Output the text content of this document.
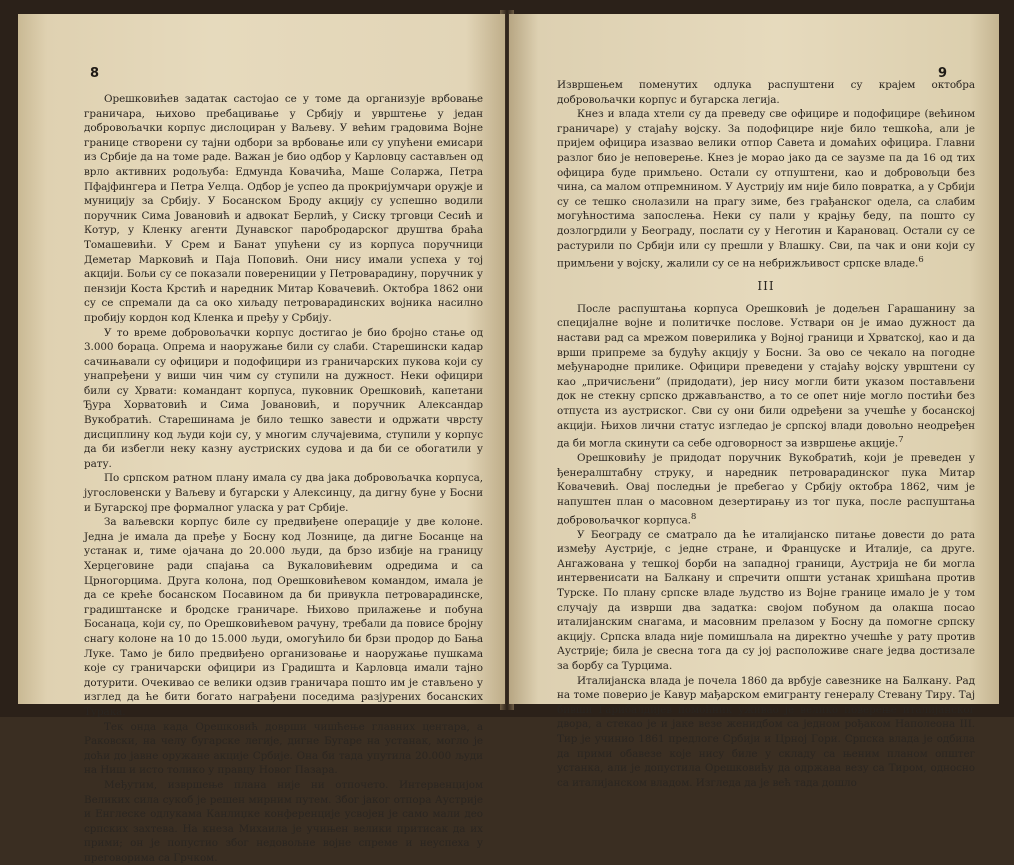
8

Орешковићев задатак састојао се у томе да организује врбовање граничара, њихово пребацивање у Србију и уврштење у један добровољачки корпус дислоциран у Ваљеву. У већим градовима Војне границе створени су тајни одбори за врбовање или су упућени емисари из Србије да на томе раде. Важан је био одбор у Карловцу састављен од врло активних родољуба: Едмунда Ковачића, Маше Соларжа, Петра Пфајфингера и Петра Уелца. Одбор је успео да прокријумчари оружје и муницију за Србију. У Босанском Броду акцију су успешно водили поручник Сима Јовановић и адвокат Берлић, у Сиску трговци Сесић и Котур, у Кленку агенти Дунавског паробродарског друштва браћа Томашевићи. У Срем и Банат упућени су из корпуса поручници Деметар Марковић и Паја Поповић. Они нису имали успеха у тој акцији. Бољи су се показали поверениции у Петроварадину, поручник у пензији Коста Крстић и наредник Митар Ковачевић. Октобра 1862 они су се спремали да са око хиљаду петроварадинских војника насилно пробију кордон код Кленка и пређу у Србију.

У то време добровољачки корпус достигао је био бројно стање од 3.000 бораца. Опрема и наоружање били су слаби. Старешински кадар сачињавали су официри и подофицири из граничарских пукова који су унапређени у виши чин чим су ступили на дужност. Неки официри били су Хрвати: командант корпуса, пуковник Орешковић, капетани Ђура Хорватовић и Сима Јовановић, и поручник Александар Вукобратић. Старешинама је било тешко завести и одржати чврсту дисциплину код људи који су, у многим случајевима, ступили у корпус да би избегли неку казну аустриских судова и да би се обогатили у рату.

По српском ратном плану имала су два јака добровољачка корпуса, југословенски у Ваљеву и бугарски у Алексинцу, да дигну буне у Босни и Бугарској пре формалног уласка у рат Србије.

За ваљевски корпус биле су предвиђене операције у две колоне. Једна је имала да пређе у Босну код Лознице, да дигне Босанце на устанак и, тиме ојачана до 20.000 људи, да брзо избије на границу Херцеговине ради спајања са Вукаловићевим одредима и са Црногорцима. Друга колона, под Орешковићевом командом, имала је да се креће босанском Посавином да би привукла петроварадинске, градиштанске и бродске граничаре. Њихово прилажење и побуна Босанаца, који су, по Орешковићевом рачуну, требали да повисе бројну снагу колоне на 10 до 15.000 људи, омогућило би брзи продор до Бања Луке. Тамо је било предвиђено организовање и наоружање пушкама које су граничарски официри из Градишта и Карловца имали тајно дотурити. Очекивао се велики одзив граничара пошто им је стављено у изглед да ће бити богато награђени поседима разјурених босанских Турака.

Тек онда када Орешковић доврши чишћење главних центара, а Раковски, на челу бугарске легије, дигне Бугаре на устанак, могло је доћи до јавне оружане акције Србије. Она би тада упутила 20.000 људи на Ниш и исто толико у правцу Новог Пазара.

Међутим, извршење плана није ни отпочето. Интервенцијом Великих сила сукоб је решен мирним путем. Због јаког отпора Аустрије и Енглеске одлукама Канлиџке конференције усвојен је само мали део српских захтева. На кнеза Михаила је учињен велики притисак да их прими; он је попустио због недовољне војне спреме и неуспеха у преговорима са Грчком.

9

Извршењем поменутих одлука распуштени су крајем октобра добровољачки корпус и бугарска легија.

Кнез и влада хтели су да преведу све официре и подофицире (већином граничаре) у стајаћу војску. За подофицире није било тешкоћа, али је пријем официра изазвао велики отпор Савета и домаћих официра. Главни разлог био је неповерење. Кнез је морао јако да се заузме па да 16 од тих официра буде примљено. Остали су отпуштени, као и добровољци без чина, са малом отпремнином. У Аустрију им није било повратка, а у Србији су се тешко снолазили на прагу зиме, без грађанског одела, са слабим могућностима запослења. Неки су пали у крајњу беду, па пошто су дозлогрдили у Београду, послати су у Неготин и Карановац. Остали су се растурили по Србији или су прешли у Влашку. Сви, па чак и они који су примљени у војску, жалили су се на небрижљивост српске владе.$^6$

III

После распуштања корпуса Орешковић је додељен Гарашанину за специјалне војне и политичке послове. Уствари он је имао дужност да настави рад са мрежом поверилика у Војној граници и Хрватској, као и да врши припреме за будућу акцију у Босни. За ово се чекало на погодне међународне прилике. Официри преведени у стајаћу војску уврштени су као „причисљени” (придодати), јер нису могли бити указом постављени док не стекну српско држављанство, а то се опет није могло постићи без отпуста из аустриског. Сви су они били одређени за учешће у босанској акцији. Њихов лични статус изгледао је српској влади довољно неодређен да би могла скинути са себе одговорност за извршење акције.$^7$

Орешковићу је придодат поручник Вукобратић, који је преведен у ђенералштабну струку, и наредник петроварадинског пука Митар Ковачевић. Овај последњи је пребегао у Србију октобра 1862, чим је напуштен план о масовном дезертирању из тог пука, после распуштања добровољачког корпуса.$^8$

У Београду се сматрало да ће италијанско питање довести до рата између Аустрије, с једне стране, и Француске и Италије, са друге. Ангажована у тешкој борби на западној граници, Аустрија не би могла интервенисати на Балкану и спречити општи устанак хришћана против Турске. По плану српске владе људство из Војне границе имало је у том случају да изврши два задатка: својом побуном да олакша посао италијанским снагама, и масовним прелазом у Босну да помогне српску акцију. Српска влада није помишљала на директно учешће у рату против Аустрије; била је свесна тога да су јој расположиве снаге једва достизале за борбу са Турцима.

Италијанска влада је почела 1860 да врбује савезнике на Балкану. Рад на томе поверио је Кавур мађарском емигранту генералу Стевану Тиру. Тај бивши Гарибалдијев помоћник уживао је велико поверење италијанског двора, а стекао је и јаке везе женидбом са једном рођаком Наполеона III. Тир је учинио 1861 предлоге Србији и Црној Гори. Српска влада је одбила да прими обавезе које нису биле у складу са њеним планом општег устанка, али је допустила Орешковићу да одржава везу са Тиром, односно са италијанском владом. Изгледа да је већ тада дошло
